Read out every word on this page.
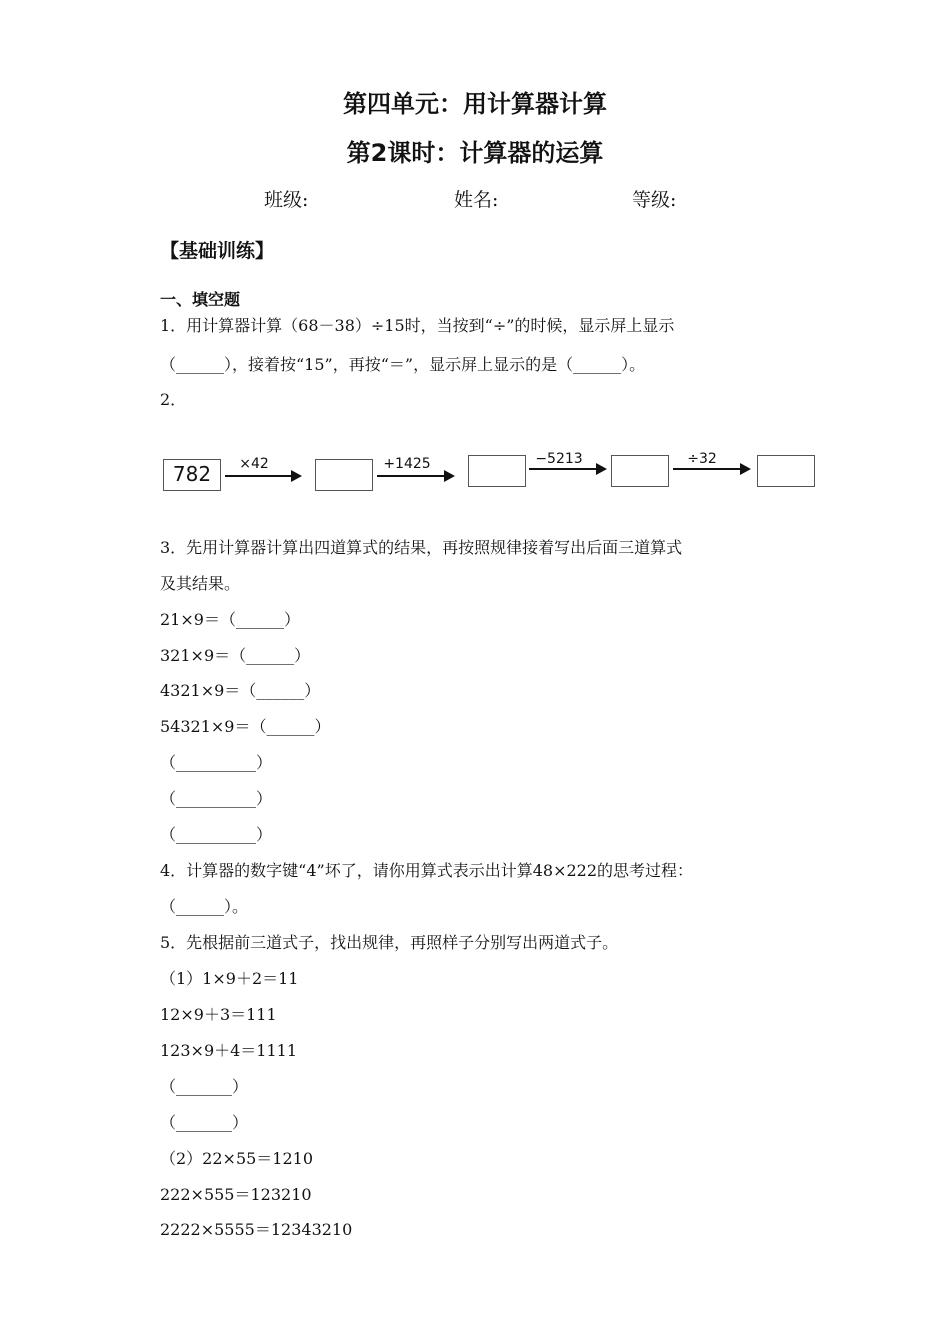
第四单元：用计算器计算
第2课时：计算器的运算
班级:	姓名:	等级:
【基础训练】
一、填空题
1．用计算器计算（68－38）÷15时，当按到“÷”的时候，显示屏上显示
（______），接着按“15”，再按“＝”，显示屏上显示的是（______）。
2．
782	×42	+1425	−5213	÷32
3．先用计算器计算出四道算式的结果，再按照规律接着写出后面三道算式
及其结果。
21×9＝（______）
321×9＝（______）
4321×9＝（______）
54321×9＝（______）
（__________）
（__________）
（__________）
4．计算器的数字键“4”坏了，请你用算式表示出计算48×222的思考过程：
（______）。
5．先根据前三道式子，找出规律，再照样子分别写出两道式子。
（1）1×9＋2＝11
12×9＋3＝111
123×9＋4＝1111
（_______）
（_______）
（2）22×55＝1210
222×555＝123210
2222×5555＝12343210
